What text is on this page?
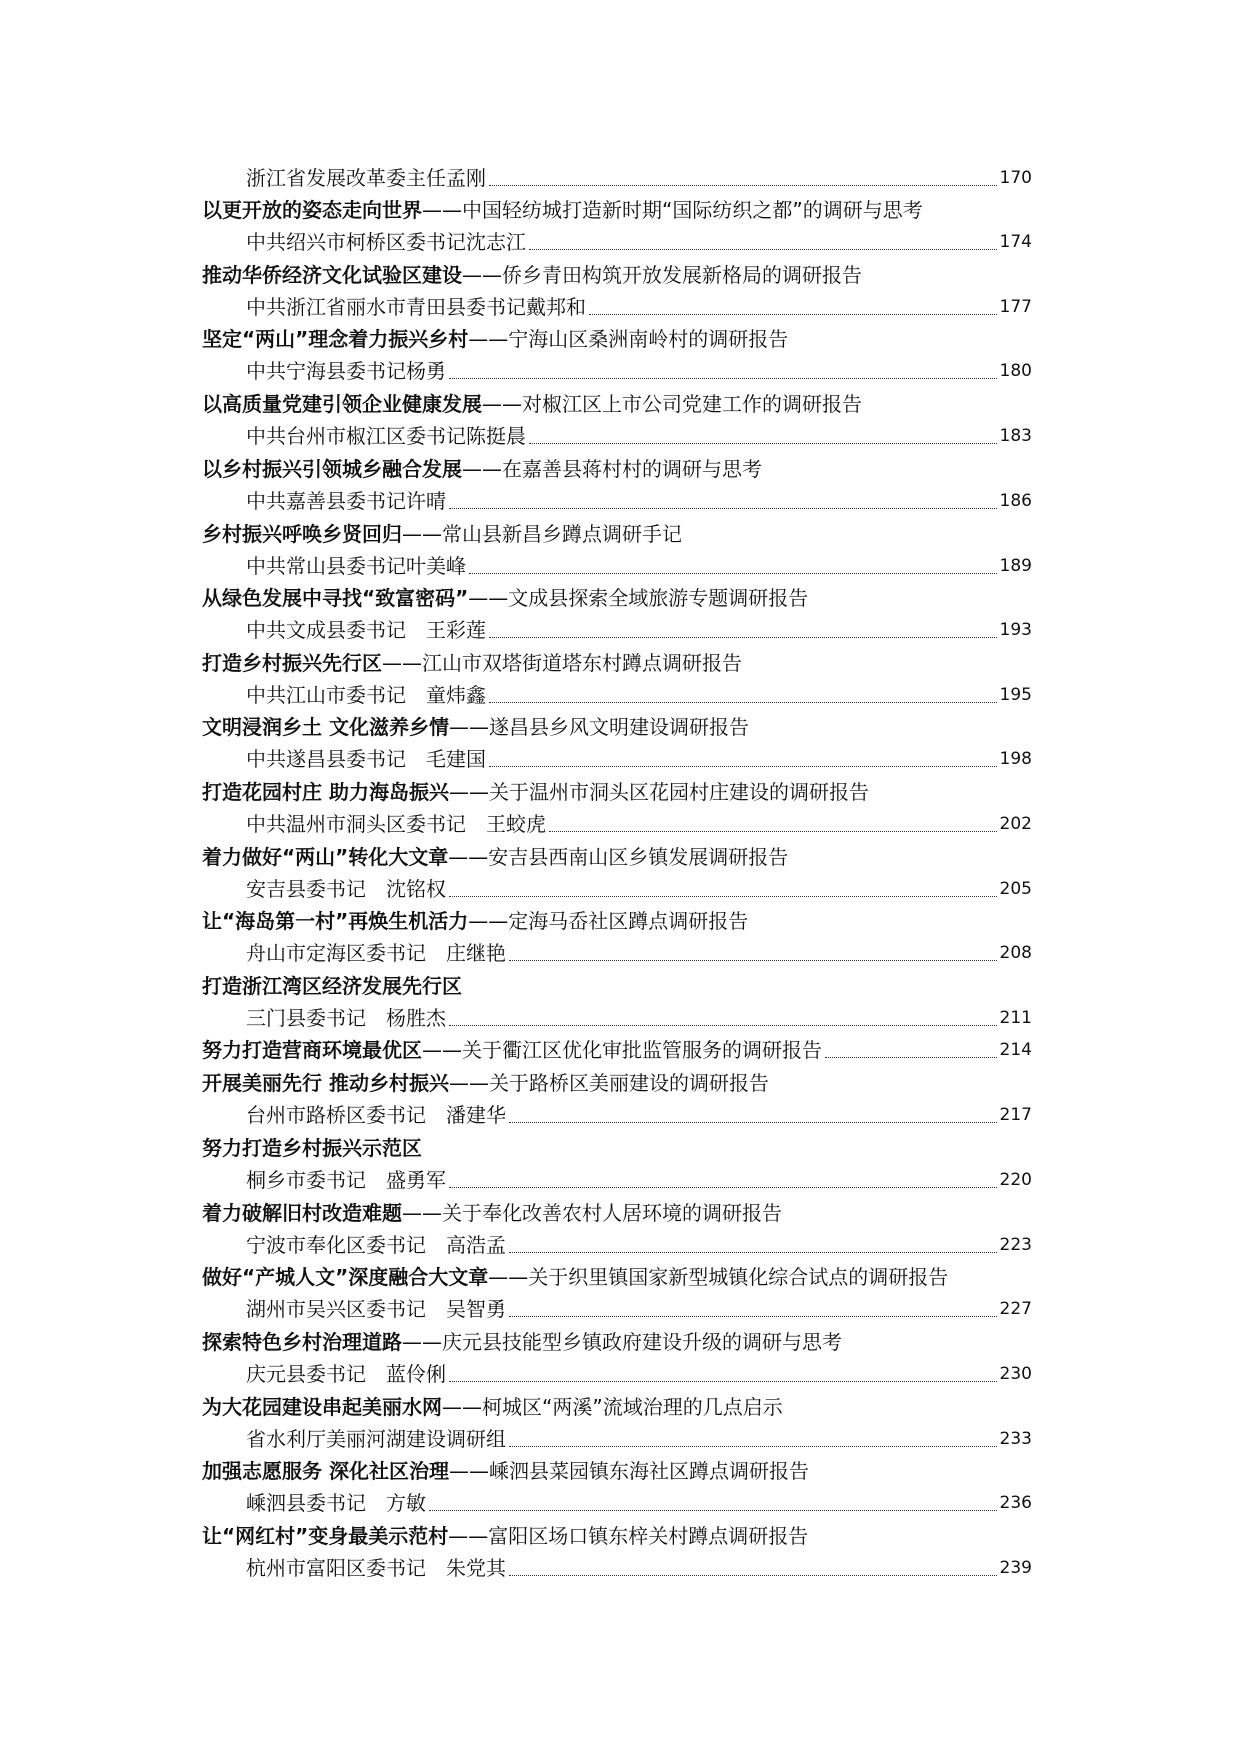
浙江省发展改革委主任孟刚	170
以更开放的姿态走向世界 ——中国轻纺城打造新时期“国际纺织之都”的调研与思考
中共绍兴市柯桥区委书记沈志江	174
推动华侨经济文化试验区建设 ——侨乡青田构筑开放发展新格局的调研报告
中共浙江省丽水市青田县委书记戴邦和	177
坚定“两山”理念着力振兴乡村 ——宁海山区桑洲南岭村的调研报告
中共宁海县委书记杨勇	180
以高质量党建引领企业健康发展 ——对椒江区上市公司党建工作的调研报告
中共台州市椒江区委书记陈挺晨	183
以乡村振兴引领城乡融合发展 ——在嘉善县蒋村村的调研与思考
中共嘉善县委书记许晴	186
乡村振兴呼唤乡贤回归 ——常山县新昌乡蹲点调研手记
中共常山县委书记叶美峰	189
从绿色发展中寻找“致富密码” ——文成县探索全域旅游专题调研报告
中共文成县委书记　王彩莲	193
打造乡村振兴先行区 ——江山市双塔街道塔东村蹲点调研报告
中共江山市委书记　童炜鑫	195
文明浸润乡土 文化滋养乡情 ——遂昌县乡风文明建设调研报告
中共遂昌县委书记　毛建国	198
打造花园村庄 助力海岛振兴 ——关于温州市洞头区花园村庄建设的调研报告
中共温州市洞头区委书记　王蛟虎	202
着力做好“两山”转化大文章 ——安吉县西南山区乡镇发展调研报告
安吉县委书记　沈铭权	205
让“海岛第一村”再焕生机活力 ——定海马岙社区蹲点调研报告
舟山市定海区委书记　庄继艳	208
打造浙江湾区经济发展先行区
三门县委书记　杨胜杰	211
努力打造营商环境最优区 ——关于衢江区优化审批监管服务的调研报告	214
开展美丽先行 推动乡村振兴 ——关于路桥区美丽建设的调研报告
台州市路桥区委书记　潘建华	217
努力打造乡村振兴示范区
桐乡市委书记　盛勇军	220
着力破解旧村改造难题 ——关于奉化改善农村人居环境的调研报告
宁波市奉化区委书记　高浩孟	223
做好“产城人文”深度融合大文章 ——关于织里镇国家新型城镇化综合试点的调研报告
湖州市吴兴区委书记　吴智勇	227
探索特色乡村治理道路 ——庆元县技能型乡镇政府建设升级的调研与思考
庆元县委书记　蓝伶俐	230
为大花园建设串起美丽水网 ——柯城区“两溪”流域治理的几点启示
省水利厅美丽河湖建设调研组	233
加强志愿服务 深化社区治理 ——嵊泗县菜园镇东海社区蹲点调研报告
嵊泗县委书记　方敏	236
让“网红村”变身最美示范村 ——富阳区场口镇东梓关村蹲点调研报告
杭州市富阳区委书记　朱党其	239
